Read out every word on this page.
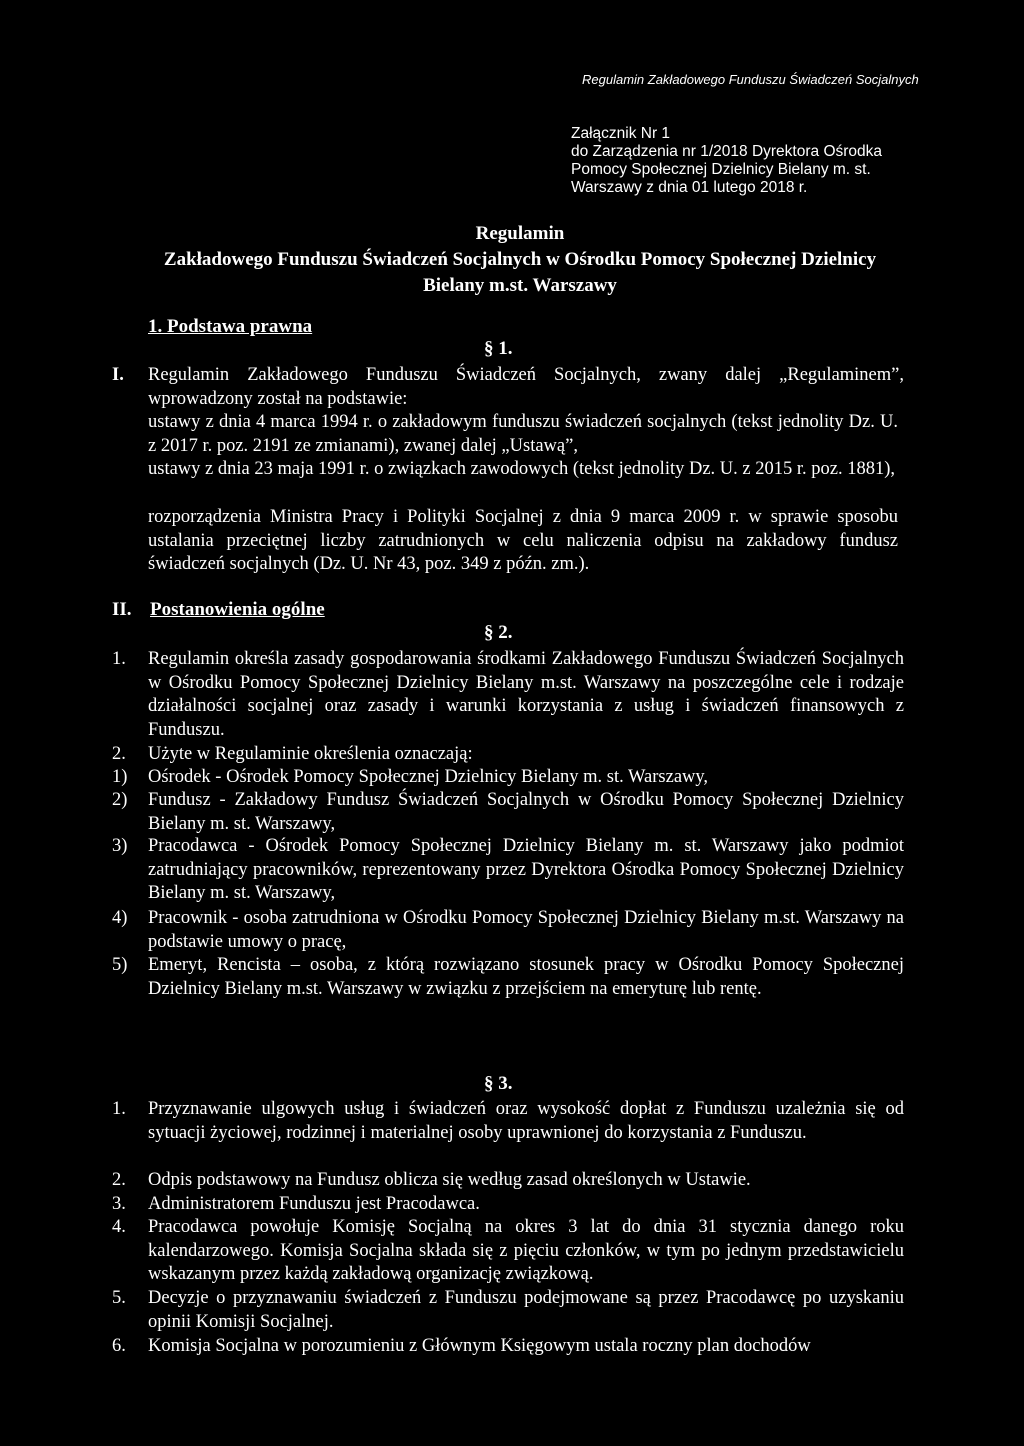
Regulamin Zakładowego Funduszu Świadczeń Socjalnych
Załącznik Nr 1
do Zarządzenia nr 1/2018 Dyrektora Ośrodka
Pomocy Społecznej Dzielnicy Bielany m. st.
Warszawy z dnia 01 lutego 2018 r.
Regulamin
Zakładowego Funduszu Świadczeń Socjalnych w Ośrodku Pomocy Społecznej Dzielnicy
Bielany m.st. Warszawy
1. Podstawa prawna
§ 1.
I. Regulamin Zakładowego Funduszu Świadczeń Socjalnych, zwany dalej „Regulaminem”, wprowadzony został na podstawie:
ustawy z dnia 4 marca 1994 r. o zakładowym funduszu świadczeń socjalnych (tekst jednolity Dz. U. z 2017 r. poz. 2191 ze zmianami), zwanej dalej „Ustawą”,
ustawy z dnia 23 maja 1991 r. o związkach zawodowych (tekst jednolity Dz. U. z 2015 r. poz. 1881),
rozporządzenia Ministra Pracy i Polityki Socjalnej z dnia 9 marca 2009 r. w sprawie sposobu ustalania przeciętnej liczby zatrudnionych w celu naliczenia odpisu na zakładowy fundusz świadczeń socjalnych (Dz. U. Nr 43, poz. 349 z późn. zm.).
II. Postanowienia ogólne
§ 2.
1. Regulamin określa zasady gospodarowania środkami Zakładowego Funduszu Świadczeń Socjalnych w Ośrodku Pomocy Społecznej Dzielnicy Bielany m.st. Warszawy na poszczególne cele i rodzaje działalności socjalnej oraz zasady i warunki korzystania z usług i świadczeń finansowych z Funduszu.
2. Użyte w Regulaminie określenia oznaczają:
1) Ośrodek - Ośrodek Pomocy Społecznej Dzielnicy Bielany m. st. Warszawy,
2) Fundusz - Zakładowy Fundusz Świadczeń Socjalnych w Ośrodku Pomocy Społecznej Dzielnicy Bielany m. st. Warszawy,
3) Pracodawca - Ośrodek Pomocy Społecznej Dzielnicy Bielany m. st. Warszawy jako podmiot zatrudniający pracowników, reprezentowany przez Dyrektora Ośrodka Pomocy Społecznej Dzielnicy Bielany m. st. Warszawy,
4) Pracownik - osoba zatrudniona w Ośrodku Pomocy Społecznej Dzielnicy Bielany m.st. Warszawy na podstawie umowy o pracę,
5) Emeryt, Rencista – osoba, z którą rozwiązano stosunek pracy w Ośrodku Pomocy Społecznej Dzielnicy Bielany m.st. Warszawy w związku z przejściem na emeryturę lub rentę.
§ 3.
1. Przyznawanie ulgowych usług i świadczeń oraz wysokość dopłat z Funduszu uzależnia się od sytuacji życiowej, rodzinnej i materialnej osoby uprawnionej do korzystania z Funduszu.
2. Odpis podstawowy na Fundusz oblicza się według zasad określonych w Ustawie.
3. Administratorem Funduszu jest Pracodawca.
4. Pracodawca powołuje Komisję Socjalną na okres 3 lat do dnia 31 stycznia danego roku kalendarzowego. Komisja Socjalna składa się z pięciu członków, w tym po jednym przedstawicielu wskazanym przez każdą zakładową organizację związkową.
5. Decyzje o przyznawaniu świadczeń z Funduszu podejmowane są przez Pracodawcę po uzyskaniu opinii Komisji Socjalnej.
6. Komisja Socjalna w porozumieniu z Głównym Księgowym ustala roczny plan dochodów
